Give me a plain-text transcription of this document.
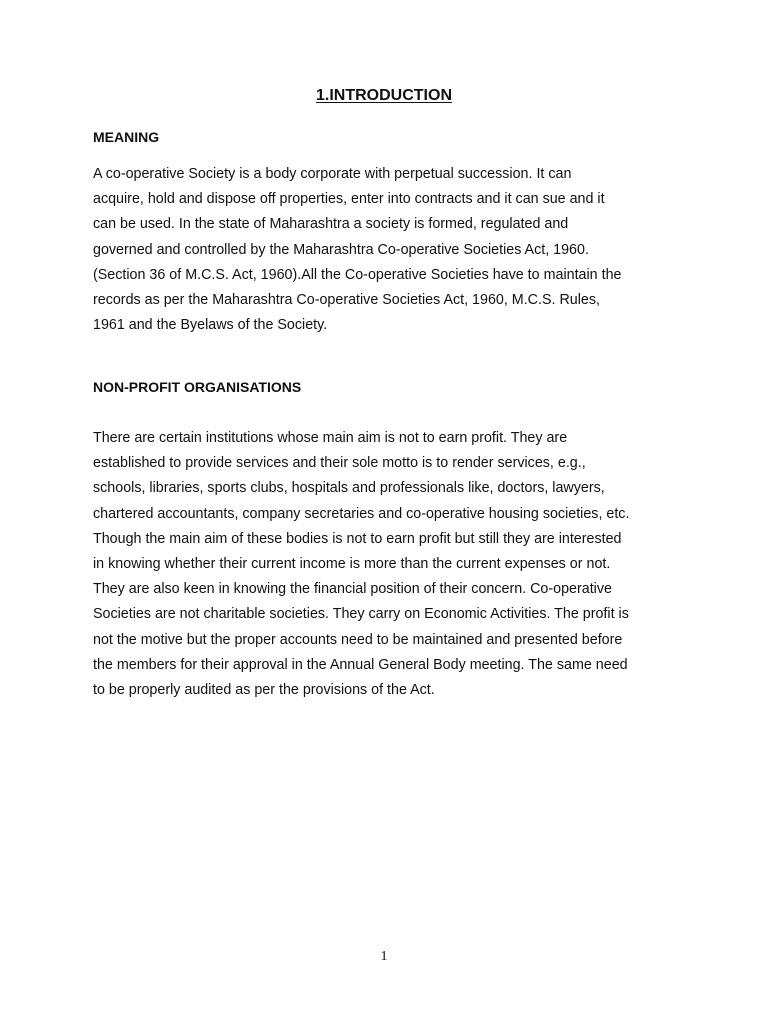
1.INTRODUCTION
MEANING
A co-operative Society is a body corporate with perpetual succession. It can
acquire, hold and dispose off properties, enter into contracts and it can sue and it
can be used. In the state of Maharashtra a society is formed, regulated and
governed and controlled by the Maharashtra Co-operative Societies Act, 1960.
(Section 36 of M.C.S. Act, 1960).All the Co-operative Societies have to maintain the
records as per the Maharashtra Co-operative Societies Act, 1960, M.C.S. Rules,
1961 and the Byelaws of the Society.
NON-PROFIT ORGANISATIONS
There are certain institutions whose main aim is not to earn profit. They are
established to provide services and their sole motto is to render services, e.g.,
schools, libraries, sports clubs, hospitals and professionals like, doctors, lawyers,
chartered accountants, company secretaries and co-operative housing societies, etc.
Though the main aim of these bodies is not to earn profit but still they are interested
in knowing whether their current income is more than the current expenses or not.
They are also keen in knowing the financial position of their concern. Co-operative
Societies are not charitable societies. They carry on Economic Activities. The profit is
not the motive but the proper accounts need to be maintained and presented before
the members for their approval in the Annual General Body meeting. The same need
to be properly audited as per the provisions of the Act.
1
